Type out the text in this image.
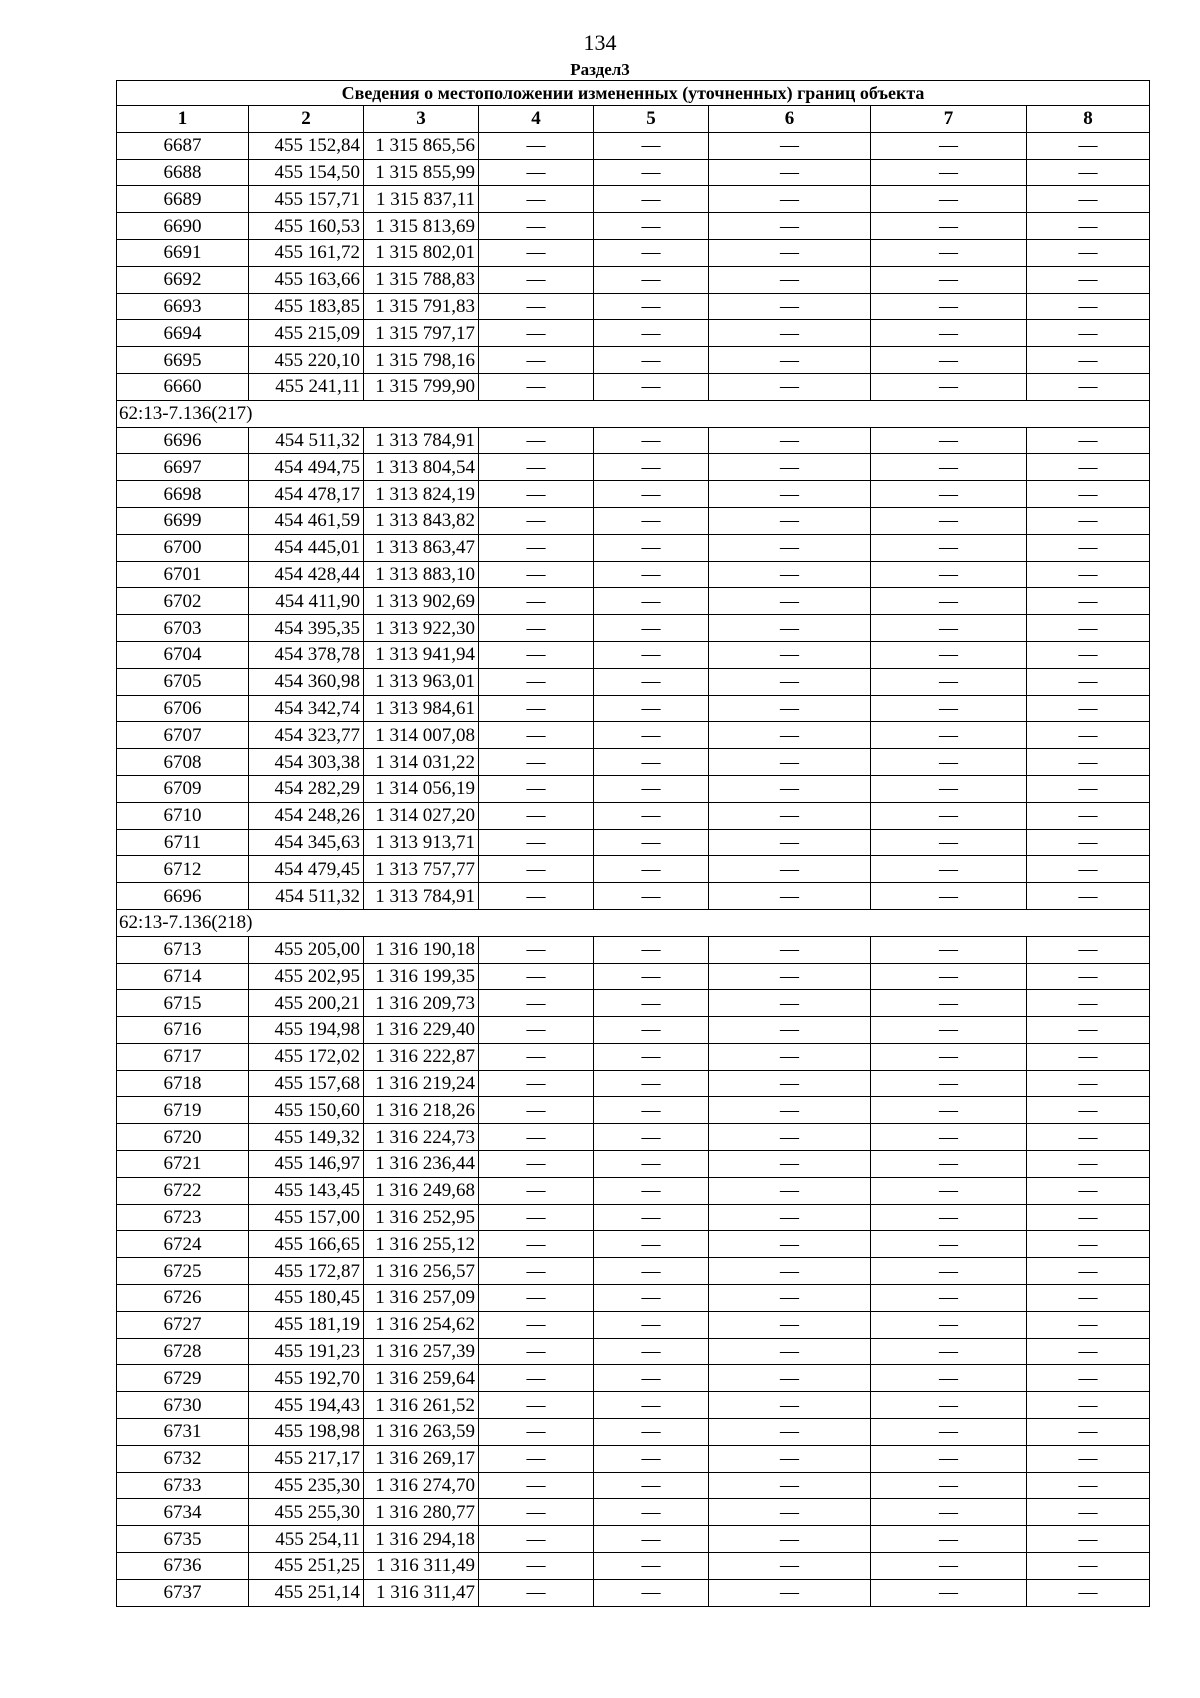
134
Раздел3
Сведения о местоположении измененных (уточненных) границ объекта							
1	2	3	4	5	6	7	8
6687	455 152,84	1 315 865,56	—	—	—	—	—
6688	455 154,50	1 315 855,99	—	—	—	—	—
6689	455 157,71	1 315 837,11	—	—	—	—	—
6690	455 160,53	1 315 813,69	—	—	—	—	—
6691	455 161,72	1 315 802,01	—	—	—	—	—
6692	455 163,66	1 315 788,83	—	—	—	—	—
6693	455 183,85	1 315 791,83	—	—	—	—	—
6694	455 215,09	1 315 797,17	—	—	—	—	—
6695	455 220,10	1 315 798,16	—	—	—	—	—
6660	455 241,11	1 315 799,90	—	—	—	—	—
62:13-7.136(217)							
6696	454 511,32	1 313 784,91	—	—	—	—	—
6697	454 494,75	1 313 804,54	—	—	—	—	—
6698	454 478,17	1 313 824,19	—	—	—	—	—
6699	454 461,59	1 313 843,82	—	—	—	—	—
6700	454 445,01	1 313 863,47	—	—	—	—	—
6701	454 428,44	1 313 883,10	—	—	—	—	—
6702	454 411,90	1 313 902,69	—	—	—	—	—
6703	454 395,35	1 313 922,30	—	—	—	—	—
6704	454 378,78	1 313 941,94	—	—	—	—	—
6705	454 360,98	1 313 963,01	—	—	—	—	—
6706	454 342,74	1 313 984,61	—	—	—	—	—
6707	454 323,77	1 314 007,08	—	—	—	—	—
6708	454 303,38	1 314 031,22	—	—	—	—	—
6709	454 282,29	1 314 056,19	—	—	—	—	—
6710	454 248,26	1 314 027,20	—	—	—	—	—
6711	454 345,63	1 313 913,71	—	—	—	—	—
6712	454 479,45	1 313 757,77	—	—	—	—	—
6696	454 511,32	1 313 784,91	—	—	—	—	—
62:13-7.136(218)							
6713	455 205,00	1 316 190,18	—	—	—	—	—
6714	455 202,95	1 316 199,35	—	—	—	—	—
6715	455 200,21	1 316 209,73	—	—	—	—	—
6716	455 194,98	1 316 229,40	—	—	—	—	—
6717	455 172,02	1 316 222,87	—	—	—	—	—
6718	455 157,68	1 316 219,24	—	—	—	—	—
6719	455 150,60	1 316 218,26	—	—	—	—	—
6720	455 149,32	1 316 224,73	—	—	—	—	—
6721	455 146,97	1 316 236,44	—	—	—	—	—
6722	455 143,45	1 316 249,68	—	—	—	—	—
6723	455 157,00	1 316 252,95	—	—	—	—	—
6724	455 166,65	1 316 255,12	—	—	—	—	—
6725	455 172,87	1 316 256,57	—	—	—	—	—
6726	455 180,45	1 316 257,09	—	—	—	—	—
6727	455 181,19	1 316 254,62	—	—	—	—	—
6728	455 191,23	1 316 257,39	—	—	—	—	—
6729	455 192,70	1 316 259,64	—	—	—	—	—
6730	455 194,43	1 316 261,52	—	—	—	—	—
6731	455 198,98	1 316 263,59	—	—	—	—	—
6732	455 217,17	1 316 269,17	—	—	—	—	—
6733	455 235,30	1 316 274,70	—	—	—	—	—
6734	455 255,30	1 316 280,77	—	—	—	—	—
6735	455 254,11	1 316 294,18	—	—	—	—	—
6736	455 251,25	1 316 311,49	—	—	—	—	—
6737	455 251,14	1 316 311,47	—	—	—	—	—
